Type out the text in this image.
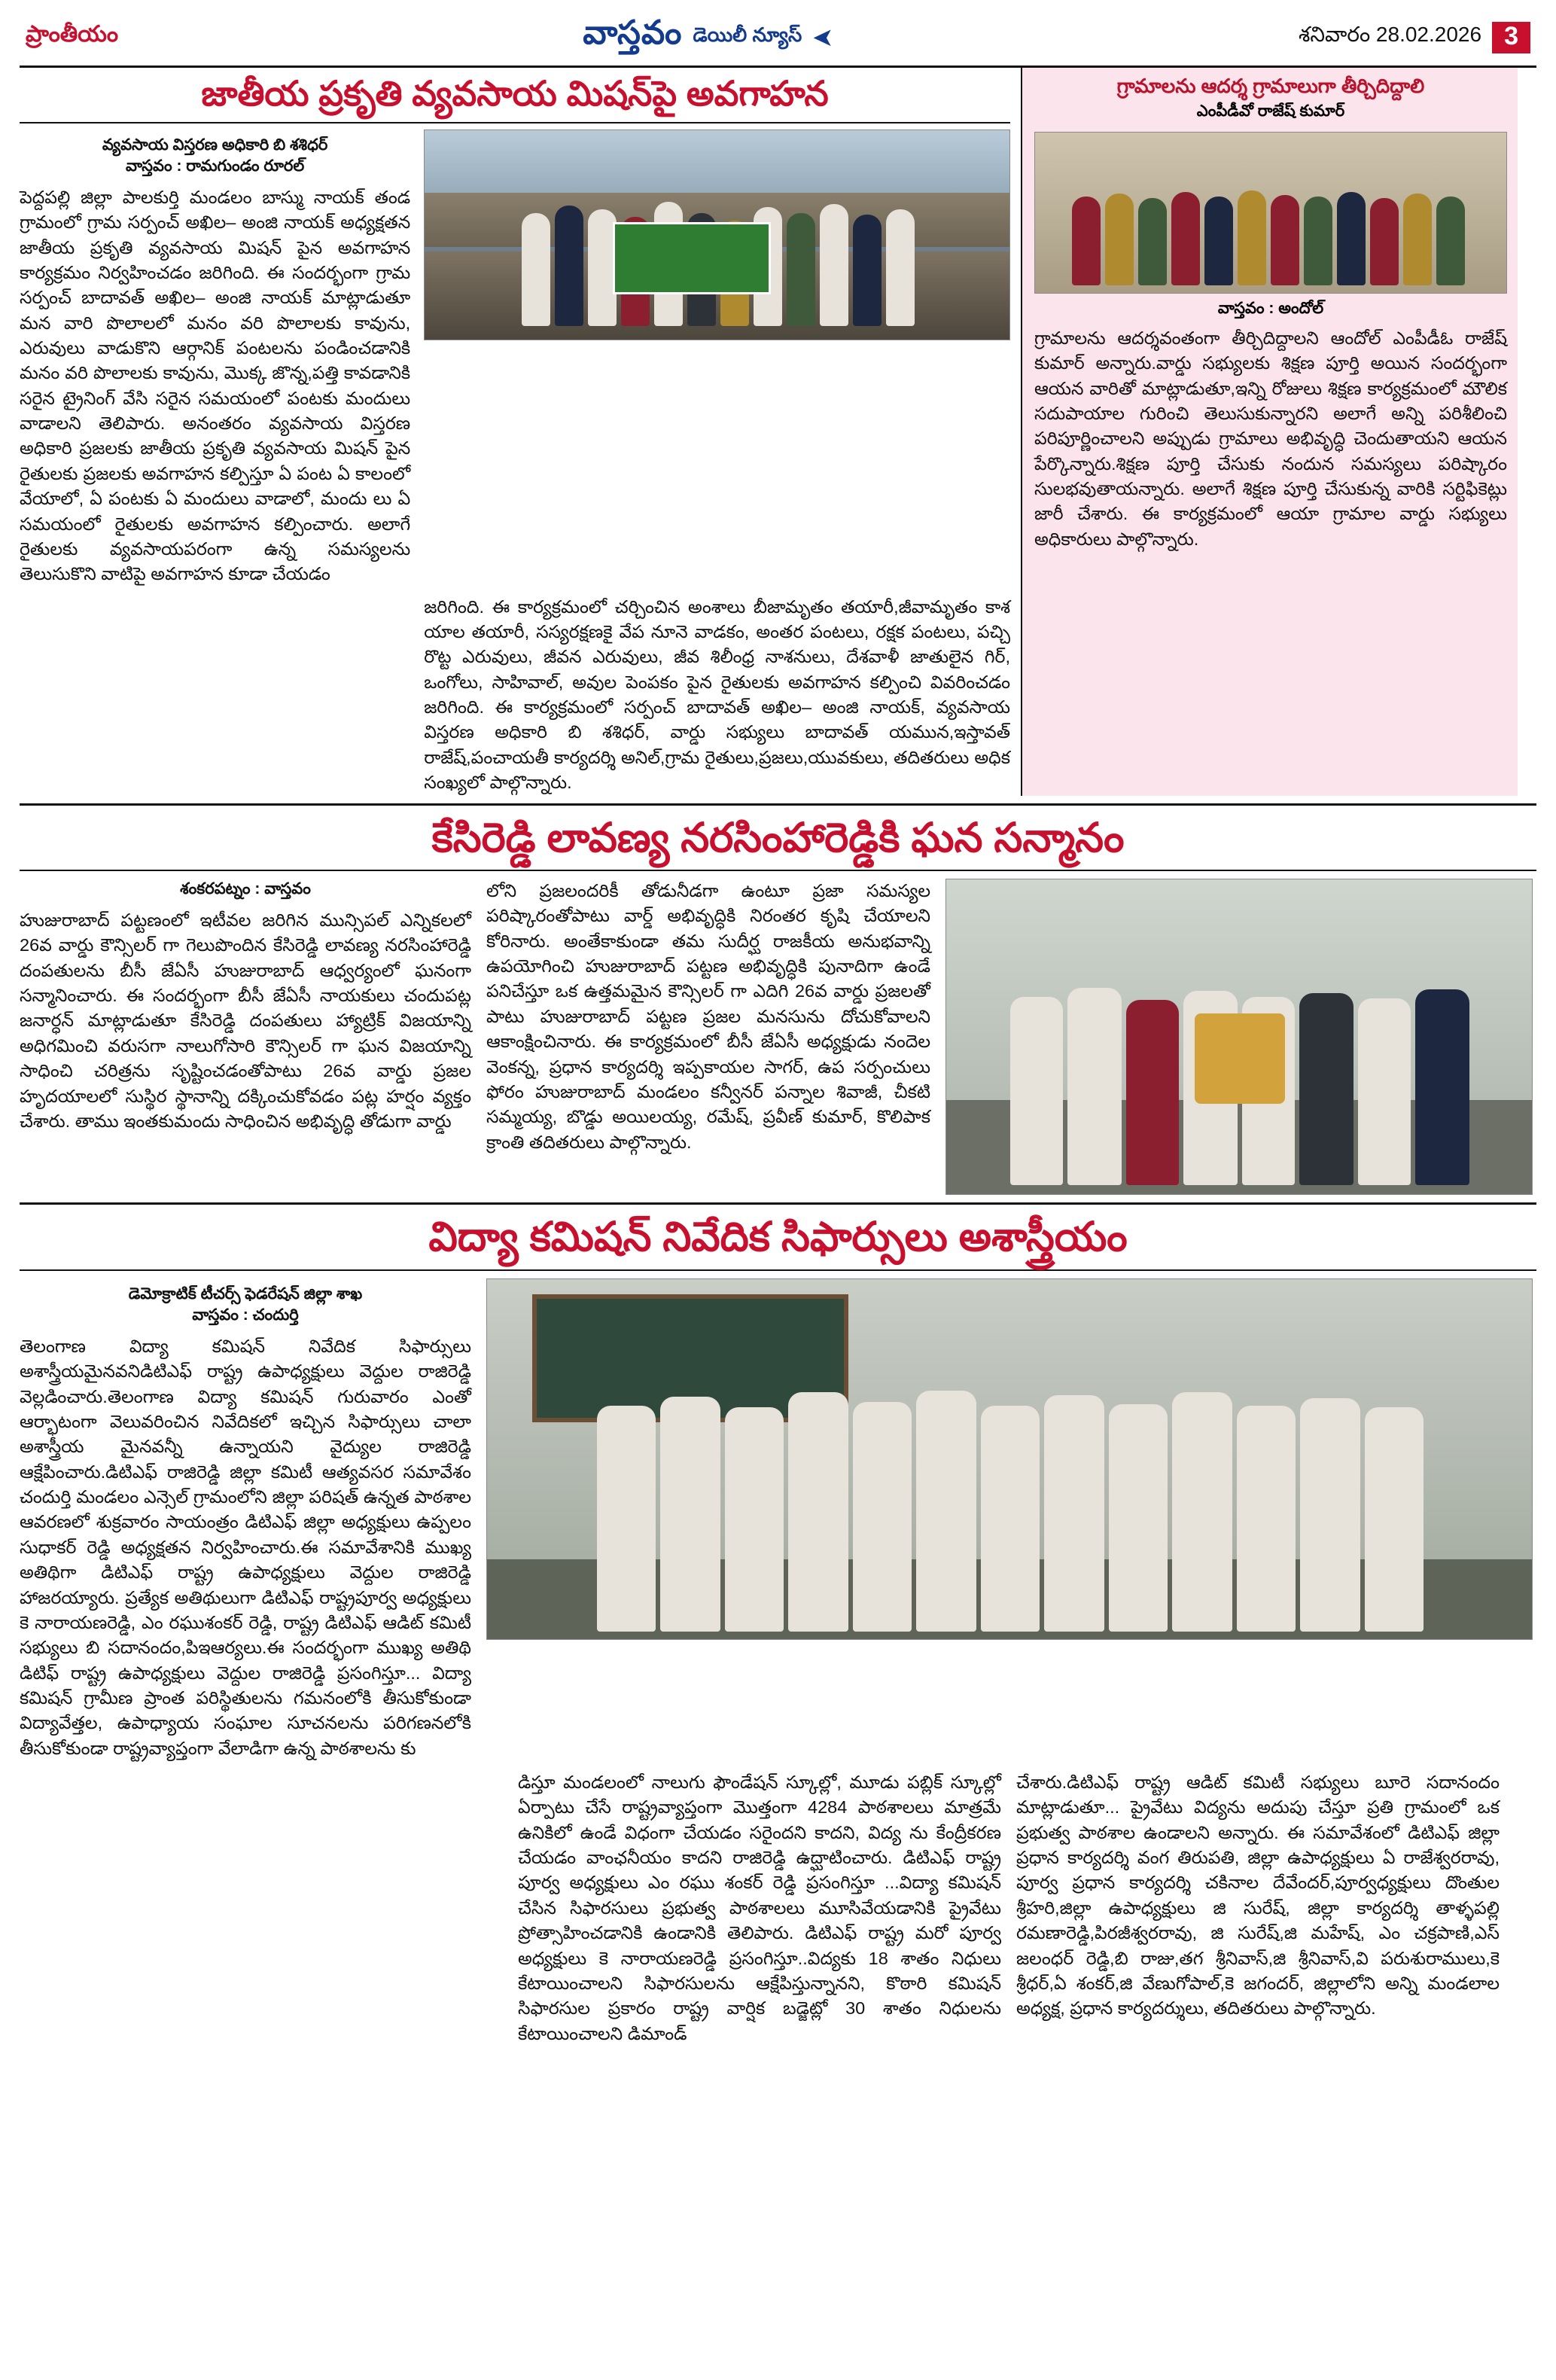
ప్రాంతీయం	వాస్తవం డెయిలీ న్యూస్ ➤	శనివారం 28.02.2026 3
జాతీయ ప్రకృతి వ్యవసాయ మిషన్‌పై అవగాహన
వ్యవసాయ విస్తరణ అధికారి బి శశిధర్
వాస్తవం : రామగుండం రూరల్
పెద్దపల్లి జిల్లా పాలకుర్తి మండలం బాస్ము నాయక్ తండ గ్రామంలో గ్రామ సర్పంచ్ అఖిల– అంజి నాయక్ అధ్యక్షతన జాతీయ ప్రకృతి వ్యవసాయ మిషన్ పైన అవగాహన కార్యక్రమం నిర్వహించడం జరిగింది. ఈ సందర్భంగా గ్రామ సర్పంచ్ బాదావత్ అఖిల– అంజి నాయక్ మాట్లాడుతూ మన వారి పొలాలలో మనం వరి పొలాలకు కావును, ఎరువులు వాడుకొని ఆర్గానిక్ పంటలను పండించడానికి మనం వరి పొలాలకు కావును, మొక్క జొన్న,పత్తి కావడానికి సరైన ట్రైనింగ్ వేసి సరైన సమయంలో పంటకు మందులు వాడాలని తెలిపారు. అనంతరం వ్యవసాయ విస్తరణ అధికారి ప్రజలకు జాతీయ ప్రకృతి వ్యవసాయ మిషన్ పైన రైతులకు ప్రజలకు అవగాహన కల్పిస్తూ ఏ పంట ఏ కాలంలో వేయాలో, ఏ పంటకు ఏ మందులు వాడాలో, మందు లు ఏ సమయంలో రైతులకు అవగాహన కల్పించారు. అలాగే రైతులకు వ్యవసాయపరంగా ఉన్న సమస్యలను తెలుసుకొని వాటిపై అవగాహన కూడా చేయడం
జరిగింది. ఈ కార్యక్రమంలో చర్చించిన అంశాలు బీజామృతం తయారీ,జీవామృతం కాశ యాల తయారీ, సస్యరక్షణకై వేప నూనె వాడకం, అంతర పంటలు, రక్షక పంటలు, పచ్చి రొట్ట ఎరువులు, జీవన ఎరువులు, జీవ శిలీంధ్ర నాశనులు, దేశవాళీ జాతులైన గిర్, ఒంగోలు, సాహివాల్, అవుల పెంపకం పైన రైతులకు అవగాహన కల్పించి వివరించడం జరిగింది. ఈ కార్యక్రమంలో సర్పంచ్ బాదావత్ అఖిల– అంజి నాయక్, వ్యవసాయ విస్తరణ అధికారి బి శశిధర్, వార్డు సభ్యులు బాదావత్ యమున,ఇస్తావత్ రాజేష్,పంచాయతీ కార్యదర్శి అనిల్,గ్రామ రైతులు,ప్రజలు,యువకులు, తదితరులు అధిక సంఖ్యలో పాల్గొన్నారు.
గ్రామాలను ఆదర్శ గ్రామాలుగా తీర్చిదిద్దాలి
ఎంపీడీవో రాజేష్ కుమార్
వాస్తవం : అందోల్
గ్రామాలను ఆదర్శవంతంగా తీర్చిదిద్దాలని ఆందోల్ ఎంపీడీఓ రాజేష్ కుమార్ అన్నారు.వార్డు సభ్యులకు శిక్షణ పూర్తి అయిన సందర్భంగా ఆయన వారితో మాట్లాడుతూ,ఇన్ని రోజులు శిక్షణ కార్యక్రమంలో మౌలిక సదుపాయాల గురించి తెలుసుకున్నారని అలాగే అన్ని పరిశీలించి పరిపూర్ణించాలని అప్పుడు గ్రామాలు అభివృద్ధి చెందుతాయని ఆయన పేర్కొన్నారు.శిక్షణ పూర్తి చేసుకు నందున సమస్యలు పరిష్కారం సులభవుతాయన్నారు. అలాగే శిక్షణ పూర్తి చేసుకున్న వారికి సర్టిఫికెట్లు జారీ చేశారు. ఈ కార్యక్రమంలో ఆయా గ్రామాల వార్డు సభ్యులు అధికారులు పాల్గొన్నారు.
కేసిరెడ్డి లావణ్య నరసింహారెడ్డికి ఘన సన్మానం
శంకరపట్నం : వాస్తవం
హుజురాబాద్ పట్టణంలో ఇటీవల జరిగిన మున్సిపల్ ఎన్నికలలో 26వ వార్డు కౌన్సిలర్ గా గెలుపొందిన కేసిరెడ్డి లావణ్య నరసింహారెడ్డి దంపతులను బీసీ జేఏసీ హుజురాబాద్ ఆధ్వర్యంలో ఘనంగా సన్మానించారు. ఈ సందర్భంగా బీసీ జేఏసీ నాయకులు చందుపట్ల జనార్ధన్ మాట్లాడుతూ కేసిరెడ్డి దంపతులు హ్యాట్రిక్ విజయాన్ని అధిగమించి వరుసగా నాలుగోసారి కౌన్సిలర్ గా ఘన విజయాన్ని సాధించి చరిత్రను సృష్టించడంతోపాటు 26వ వార్డు ప్రజల హృదయాలలో సుస్థిర స్థానాన్ని దక్కించుకోవడం పట్ల హర్షం వ్యక్తం చేశారు. తాము ఇంతకుమందు సాధించిన అభివృద్ధి తోడుగా వార్డు
లోని ప్రజలందరికీ తోడునీడగా ఉంటూ ప్రజా సమస్యల పరిష్కారంతోపాటు వార్డ్ అభివృద్ధికి నిరంతర కృషి చేయాలని కోరినారు. అంతేకాకుండా తమ సుదీర్ఘ రాజకీయ అనుభవాన్ని ఉపయోగించి హుజురాబాద్ పట్టణ అభివృద్ధికి పునాదిగా ఉండే పనిచేస్తూ ఒక ఉత్తమమైన కౌన్సిలర్ గా ఎదిగి 26వ వార్డు ప్రజలతో పాటు హుజురాబాద్ పట్టణ ప్రజల మనసును దోచుకోవాలని ఆకాంక్షించినారు. ఈ కార్యక్రమంలో బీసీ జేఏసీ అధ్యక్షుడు నందెల వెంకన్న, ప్రధాన కార్యదర్శి ఇప్పకాయల సాగర్, ఉప సర్పంచులు ఫోరం హుజురాబాద్ మండలం కన్వీనర్ పన్నాల శివాజీ, చీకటి సమ్మయ్య, బొడ్డు అయిలయ్య, రమేష్, ప్రవీణ్ కుమార్, కొలిపాక క్రాంతి తదితరులు పాల్గొన్నారు.
విద్యా కమిషన్ నివేదిక సిఫార్సులు అశాస్త్రీయం
డెమోక్రాటిక్ టీచర్స్ ఫెడరేషన్ జిల్లా శాఖ
వాస్తవం : చందుర్తి
తెలంగాణ విద్యా కమిషన్ నివేదిక సిఫార్సులు అశాస్త్రీయమైనవనిడిటిఎఫ్ రాష్ట్ర ఉపాధ్యక్షులు వెద్దుల రాజిరెడ్డి వెల్లడించారు.తెలంగాణ విద్యా కమిషన్ గురువారం ఎంతో ఆర్భాటంగా వెలువరించిన నివేదికలో ఇచ్చిన సిఫార్సులు చాలా అశాస్త్రీయ మైనవన్నీ ఉన్నాయని వైద్యుల రాజిరెడ్డి ఆక్షేపించారు.డిటిఎఫ్ రాజిరెడ్డి జిల్లా కమిటీ ఆత్యవసర సమావేశం చందుర్తి మండలం ఎన్సెల్ గ్రామంలోని జిల్లా పరిషత్ ఉన్నత పాఠశాల ఆవరణలో శుక్రవారం సాయంత్రం డిటిఎఫ్ జిల్లా అధ్యక్షులు ఉప్పలం సుధాకర్ రెడ్డి అధ్యక్షతన నిర్వహించారు.ఈ సమావేశానికి ముఖ్య అతిథిగా డిటిఎఫ్ రాష్ట్ర ఉపాధ్యక్షులు వెద్దుల రాజిరెడ్డి హాజరయ్యారు. ప్రత్యేక అతిథులుగా డిటిఎఫ్ రాష్ట్రపూర్వ అధ్యక్షులు కె నారాయణరెడ్డి, ఎం రఘుశంకర్ రెడ్డి, రాష్ట్ర డిటిఎఫ్ ఆడిట్ కమిటీ సభ్యులు బి సదానందం,పిఇఆర్యలు.ఈ సందర్భంగా ముఖ్య అతిథి డిటిఫ్ రాష్ట్ర ఉపాధ్యక్షులు వెద్దుల రాజిరెడ్డి ప్రసంగిస్తూ... విద్యా కమిషన్ గ్రామీణ ప్రాంత పరిస్థితులను గమనంలోకి తీసుకోకుండా విద్యావేత్తల, ఉపాధ్యాయ సంఘాల సూచనలను పరిగణనలోకి తీసుకోకుండా రాష్ట్రవ్యాప్తంగా వేలాడిగా ఉన్న పాఠశాలను కు
డిస్తూ మండలంలో నాలుగు ఫౌండేషన్ స్కూల్లో, మూడు పబ్లిక్ స్కూల్లో ఏర్పాటు చేసే రాష్ట్రవ్యాప్తంగా మొత్తంగా 4284 పాఠశాలలు మాత్రమే ఉనికిలో ఉండే విధంగా చేయడం సరైందని కాదని, విద్య ను కేంద్రీకరణ చేయడం వాంఛనీయం కాదని రాజిరెడ్డి ఉద్ఘాటించారు. డిటిఎఫ్ రాష్ట్ర పూర్వ అధ్యక్షులు ఎం రఘు శంకర్ రెడ్డి ప్రసంగిస్తూ ...విద్యా కమిషన్ చేసిన సిఫారసులు ప్రభుత్వ పాఠశాలలు మూసివేయడానికి ప్రైవేటు ప్రోత్సాహించడానికి ఉండానికి తెలిపారు. డిటిఎఫ్ రాష్ట్ర మరో పూర్వ అధ్యక్షులు కె నారాయణరెడ్డి ప్రసంగిస్తూ..విద్యకు 18 శాతం నిధులు కేటాయించాలని సిఫారసులను ఆక్షేపిస్తున్నానని, కొఠారి కమిషన్ సిఫారసుల ప్రకారం రాష్ట్ర వార్షిక బడ్జెట్లో 30 శాతం నిధులను కేటాయించాలని డిమాండ్
చేశారు.డిటిఎఫ్ రాష్ట్ర ఆడిట్ కమిటీ సభ్యులు బూరె సదానందం మాట్లాడుతూ... ప్రైవేటు విద్యను అదుపు చేస్తూ ప్రతి గ్రామంలో ఒక ప్రభుత్వ పాఠశాల ఉండాలని అన్నారు. ఈ సమావేశంలో డిటిఎఫ్ జిల్లా ప్రధాన కార్యదర్శి వంగ తిరుపతి, జిల్లా ఉపాధ్యక్షులు ఏ రాజేశ్వరరావు, పూర్వ ప్రధాన కార్యదర్శి చకినాల దేవేందర్,పూర్వధ్యక్షులు దొంతుల శ్రీహరి,జిల్లా ఉపాధ్యక్షులు జి సురేష్, జిల్లా కార్యదర్శి తాళ్ళపల్లి రమణారెడ్డి,పిరజీశ్వరరావు, జి సురేష్,జి మహేష్, ఎం చక్రపాణి,ఎస్ జలంధర్ రెడ్డి,బి రాజు,తగ శ్రీనివాస్,జి శ్రీనివాస్,వి పరుశురాములు,కె శ్రీధర్,ఏ శంకర్,జి వేణుగోపాల్,కె జగందర్, జిల్లాలోని అన్ని మండలాల అధ్యక్ష, ప్రధాన కార్యదర్శులు, తదితరులు పాల్గొన్నారు.
